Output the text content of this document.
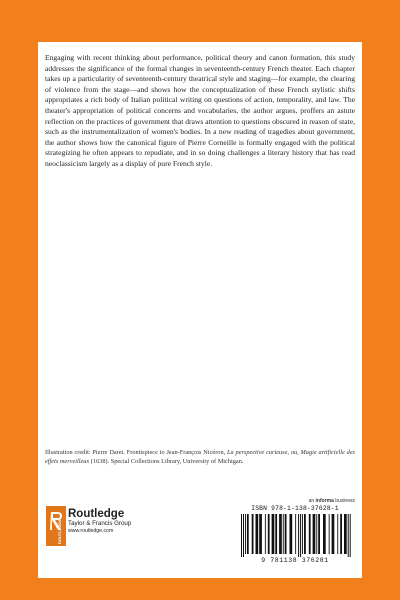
Engaging with recent thinking about performance, political theory and canon formation, this study addresses the significance of the formal changes in seventeenth-century French theater. Each chapter takes up a particularity of seventeenth-century theatrical style and staging—for example, the clearing of violence from the stage—and shows how the conceptualization of these French stylistic shifts appropriates a rich body of Italian political writing on questions of action, temporality, and law. The theater's appropriation of political concerns and vocabularies, the author argues, proffers an astute reflection on the practices of government that draws attention to questions obscured in reason of state, such as the instrumentalization of women's bodies. In a new reading of tragedies about government, the author shows how the canonical figure of Pierre Corneille is formally engaged with the political strategizing he often appears to repudiate, and in so doing challenges a literary history that has read neoclassicism largely as a display of pure French style.

Illustration credit: Pierre Daret. Frontispiece to Jean-François Nicéron, La perspective curieuse, ou, Magie artificielle des effets merveilleux (1638). Special Collections Library, University of Michigan.

an informa business
ROUTLEDGE
Routledge
Taylor & Francis Group
www.routledge.com
ISBN 978-1-138-37628-1
9 781138 376281
